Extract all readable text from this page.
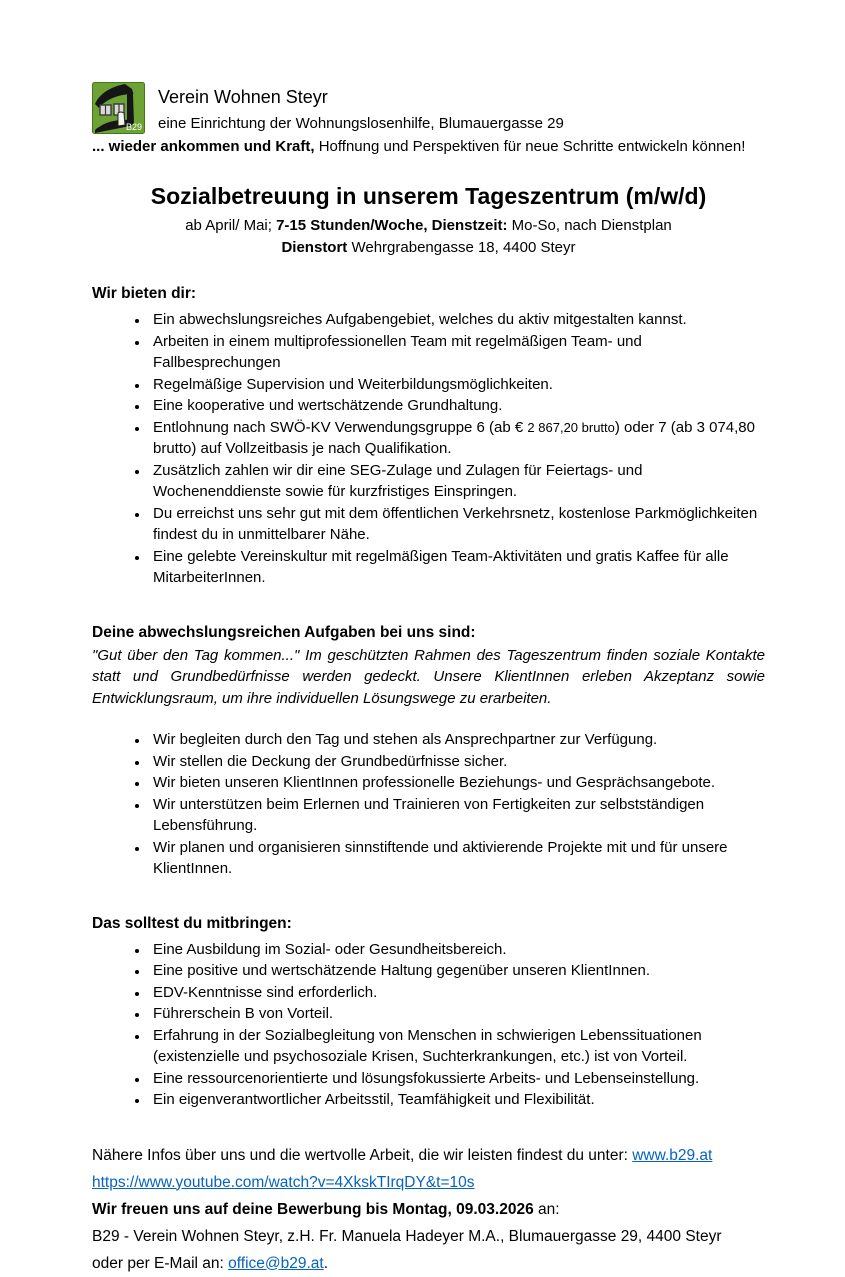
B29
Verein Wohnen Steyr
eine Einrichtung der Wohnungslosenhilfe, Blumauergasse 29
... wieder ankommen und Kraft, Hoffnung und Perspektiven für neue Schritte entwickeln können!
Sozialbetreuung in unserem Tageszentrum (m/w/d)

ab April/ Mai; 7-15 Stunden/Woche, Dienstzeit: Mo-So, nach Dienstplan

Dienstort Wehrgrabengasse 18, 4400 Steyr

Wir bieten dir:
• Ein abwechslungsreiches Aufgabengebiet, welches du aktiv mitgestalten kannst.
• Arbeiten in einem multiprofessionellen Team mit regelmäßigen Team- und Fallbesprechungen
• Regelmäßige Supervision und Weiterbildungsmöglichkeiten.
• Eine kooperative und wertschätzende Grundhaltung.
• Entlohnung nach SWÖ-KV Verwendungsgruppe 6 (ab € 2 867,20 brutto) oder 7 (ab 3 074,80 brutto) auf Vollzeitbasis je nach Qualifikation.
• Zusätzlich zahlen wir dir eine SEG-Zulage und Zulagen für Feiertags- und Wochenenddienste sowie für kurzfristiges Einspringen.
• Du erreichst uns sehr gut mit dem öffentlichen Verkehrsnetz, kostenlose Parkmöglichkeiten findest du in unmittelbarer Nähe.
• Eine gelebte Vereinskultur mit regelmäßigen Team-Aktivitäten und gratis Kaffee für alle MitarbeiterInnen.
Deine abwechslungsreichen Aufgaben bei uns sind:

"Gut über den Tag kommen..." Im geschützten Rahmen des Tageszentrum finden soziale Kontakte statt und Grundbedürfnisse werden gedeckt. Unsere KlientInnen erleben Akzeptanz sowie Entwicklungsraum, um ihre individuellen Lösungswege zu erarbeiten.

• Wir begleiten durch den Tag und stehen als Ansprechpartner zur Verfügung.
• Wir stellen die Deckung der Grundbedürfnisse sicher.
• Wir bieten unseren KlientInnen professionelle Beziehungs- und Gesprächsangebote.
• Wir unterstützen beim Erlernen und Trainieren von Fertigkeiten zur selbstständigen Lebensführung.
• Wir planen und organisieren sinnstiftende und aktivierende Projekte mit und für unsere KlientInnen.
Das solltest du mitbringen:
• Eine Ausbildung im Sozial- oder Gesundheitsbereich.
• Eine positive und wertschätzende Haltung gegenüber unseren KlientInnen.
• EDV-Kenntnisse sind erforderlich.
• Führerschein B von Vorteil.
• Erfahrung in der Sozialbegleitung von Menschen in schwierigen Lebenssituationen (existenzielle und psychosoziale Krisen, Suchterkrankungen, etc.) ist von Vorteil.
• Eine ressourcenorientierte und lösungsfokussierte Arbeits- und Lebenseinstellung.
• Ein eigenverantwortlicher Arbeitsstil, Teamfähigkeit und Flexibilität.

Nähere Infos über uns und die wertvolle Arbeit, die wir leisten findest du unter: www.b29.at

https://www.youtube.com/watch?v=4XkskTIrqDY&t=10s

Wir freuen uns auf deine Bewerbung bis Montag, 09.03.2026 an:

B29 - Verein Wohnen Steyr, z.H. Fr. Manuela Hadeyer M.A., Blumauergasse 29, 4400 Steyr

oder per E-Mail an: office@b29.at.
